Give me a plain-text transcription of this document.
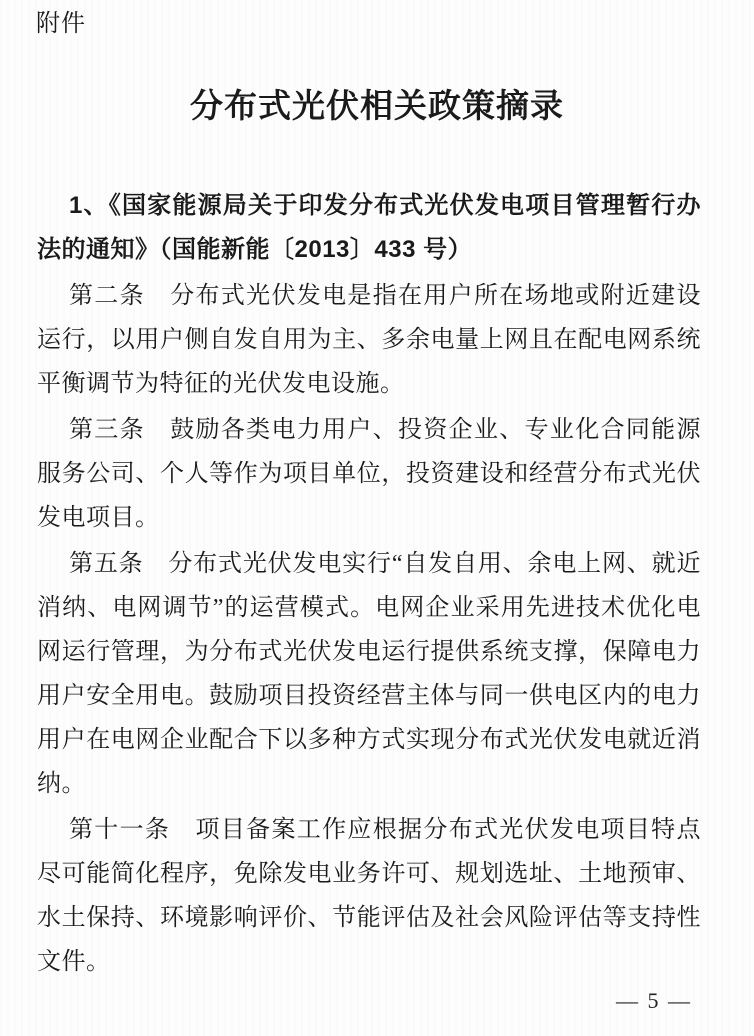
附件
分布式光伏相关政策摘录

1、《国家能源局关于印发分布式光伏发电项目管理暂行办法的通知》（国能新能〔2013〕433 号）

第二条　分布式光伏发电是指在用户所在场地或附近建设运行，以用户侧自发自用为主、多余电量上网且在配电网系统平衡调节为特征的光伏发电设施。

第三条　鼓励各类电力用户、投资企业、专业化合同能源服务公司、个人等作为项目单位，投资建设和经营分布式光伏发电项目。

第五条　分布式光伏发电实行“自发自用、余电上网、就近消纳、电网调节”的运营模式。电网企业采用先进技术优化电网运行管理，为分布式光伏发电运行提供系统支撑，保障电力用户安全用电。鼓励项目投资经营主体与同一供电区内的电力用户在电网企业配合下以多种方式实现分布式光伏发电就近消纳。

第十一条　项目备案工作应根据分布式光伏发电项目特点尽可能简化程序，免除发电业务许可、规划选址、土地预审、水土保持、环境影响评价、节能评估及社会风险评估等支持性文件。

— 5 —
